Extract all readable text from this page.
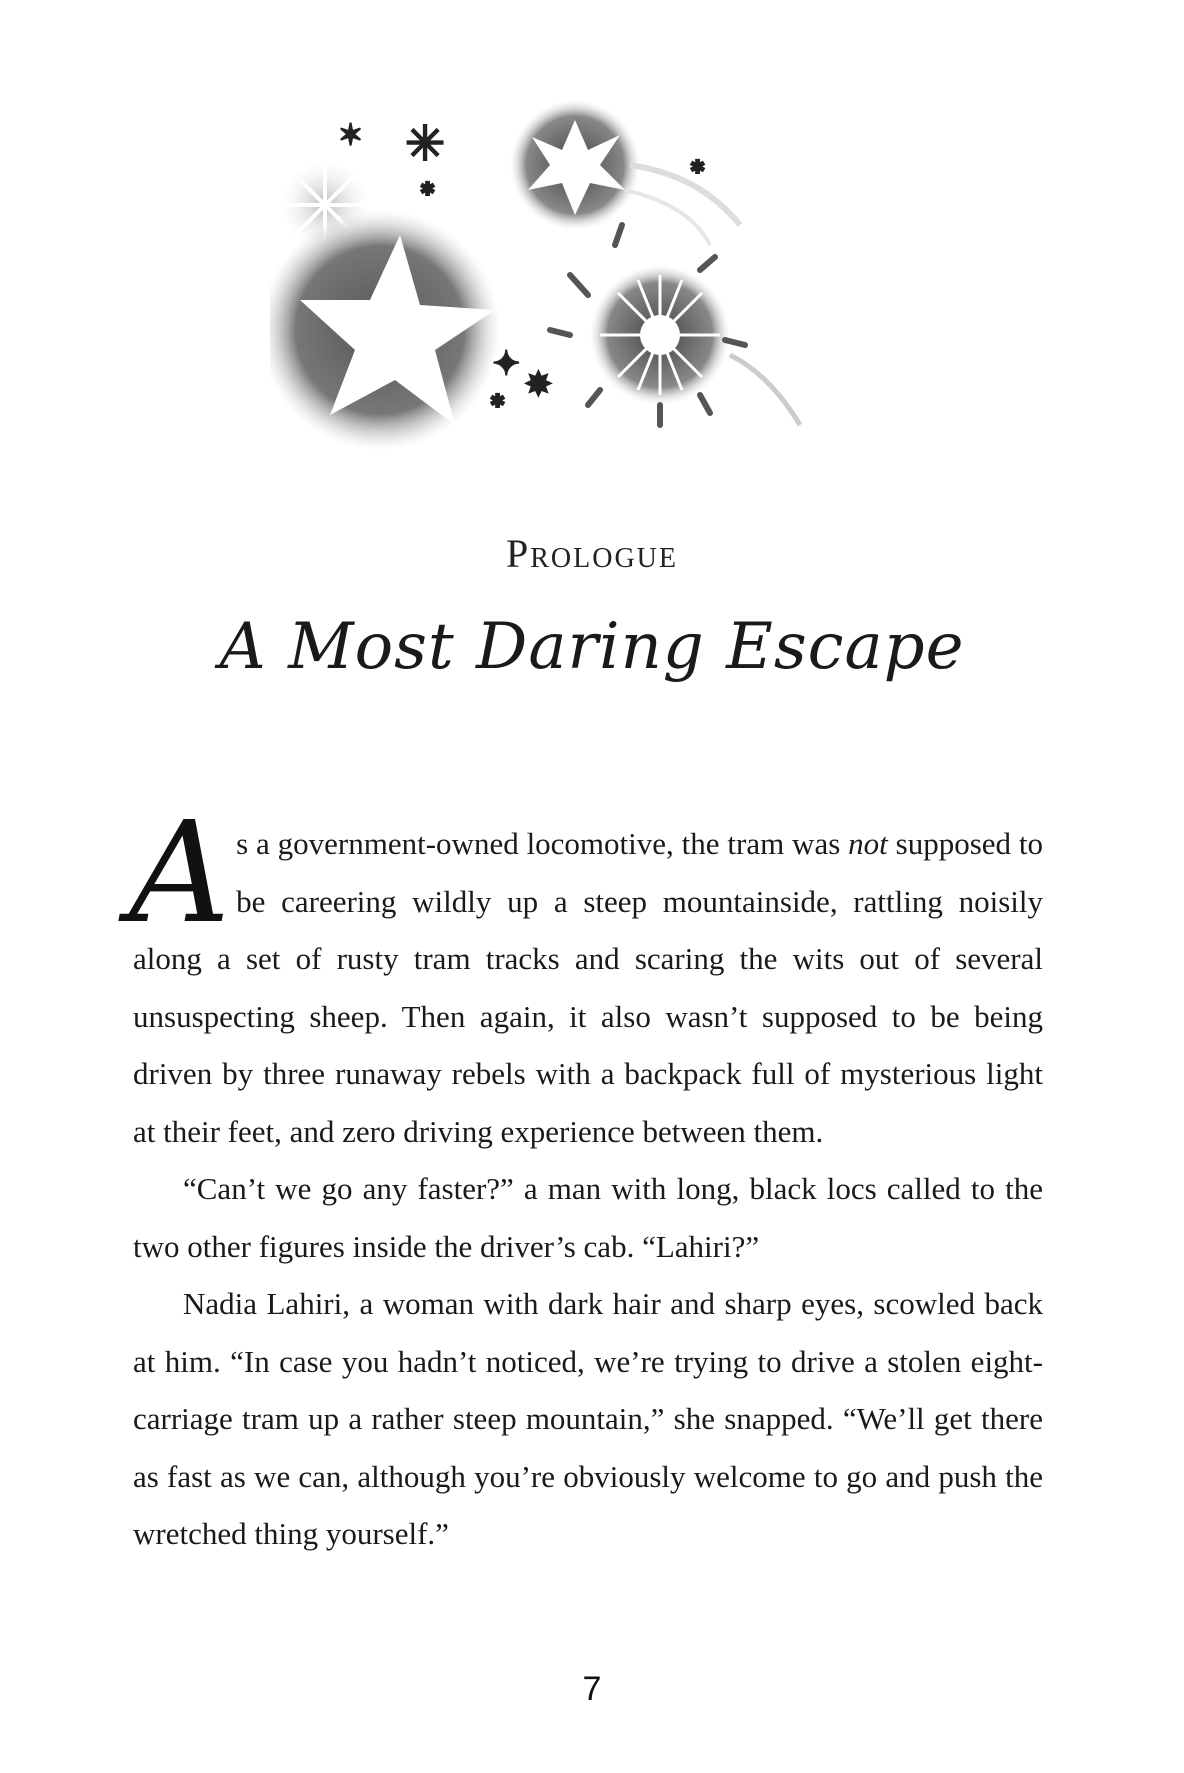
✶ ✳
✱
✱
✦ ✸
✱
Prologue
A Most Daring Escape

As a government-owned locomotive, the tram was not supposed to be careering wildly up a steep mountainside, rattling noisily along a set of rusty tram tracks and scaring the wits out of several unsuspecting sheep. Then again, it also wasn’t supposed to be being driven by three runaway rebels with a backpack full of mysterious light at their feet, and zero driving experience between them.

“Can’t we go any faster?” a man with long, black locs called to the two other figures inside the driver’s cab. “Lahiri?”

Nadia Lahiri, a woman with dark hair and sharp eyes, scowled back at him. “In case you hadn’t noticed, we’re trying to drive a stolen eight-carriage tram up a rather steep mountain,” she snapped. “We’ll get there as fast as we can, although you’re obviously welcome to go and push the wretched thing yourself.”

7
